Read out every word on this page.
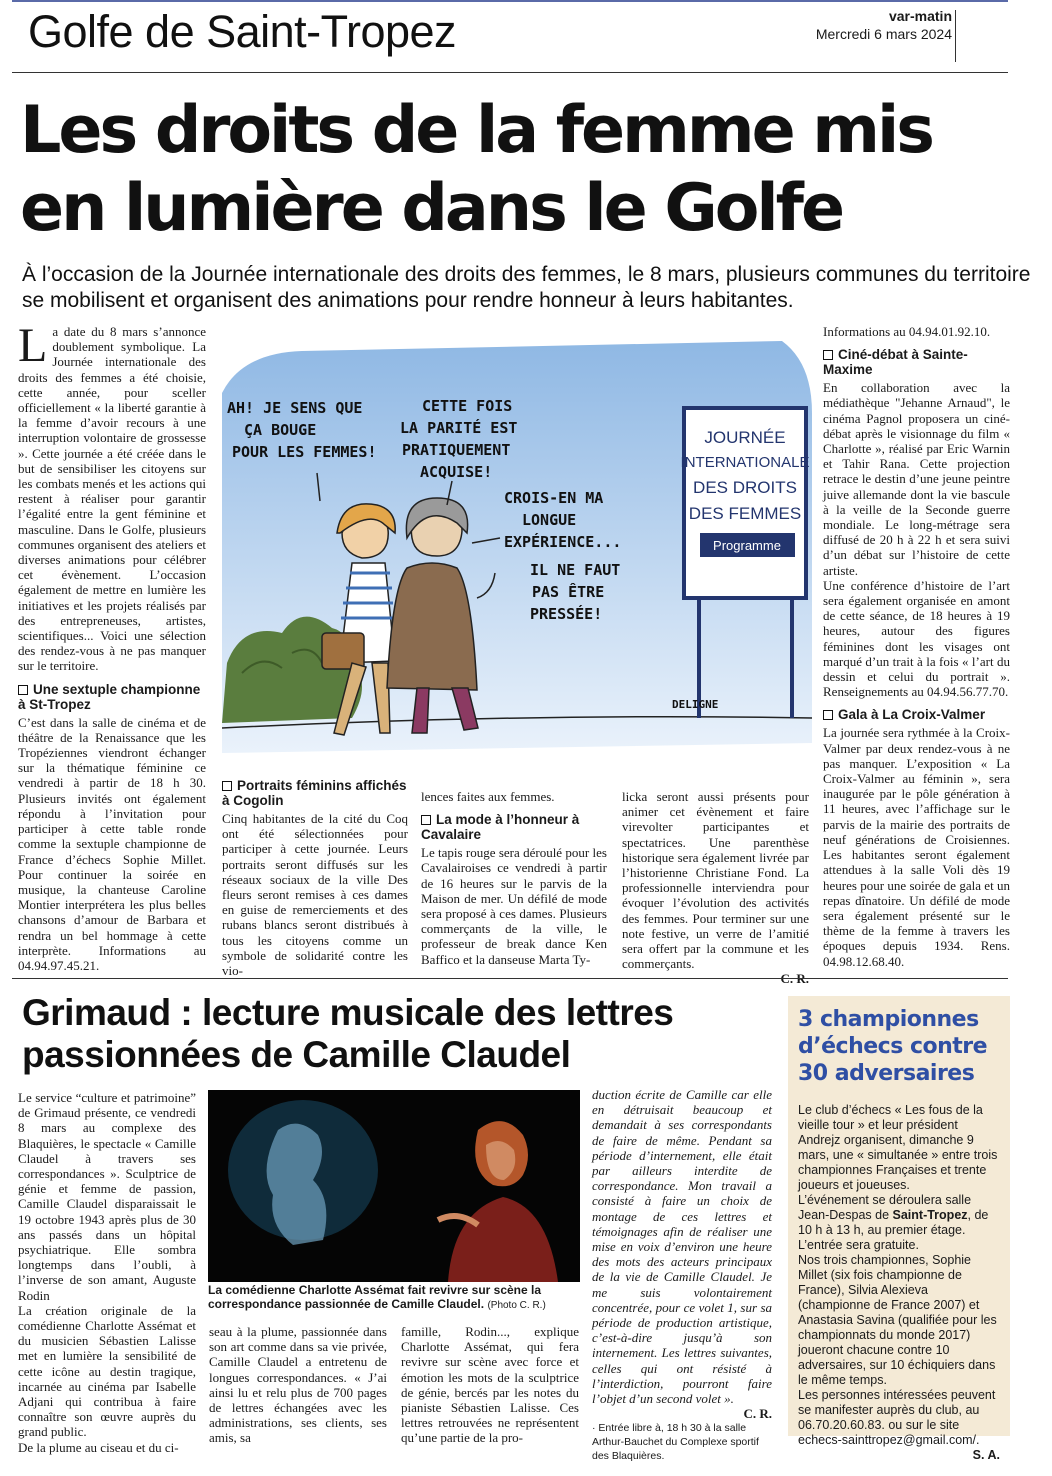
Golfe de Saint-Tropez	var-matin
Mercredi 6 mars 2024
Les droits de la femme mis
en lumière dans le Golfe

À l’occasion de la Journée internationale des droits des femmes, le 8 mars, plusieurs communes du territoire se mobilisent et organisent des animations pour rendre honneur à leurs habitantes.

La date du 8 mars s’annonce doublement symbolique. La Journée internationale des droits des femmes a été choisie, cette année, pour sceller officiellement « la liberté garantie à la femme d’avoir recours à une interruption volontaire de grossesse ». Cette journée a été créée dans le but de sensibiliser les citoyens sur les combats menés et les actions qui restent à réaliser pour garantir l’égalité entre la gent féminine et masculine. Dans le Golfe, plusieurs communes organisent des ateliers et diverses animations pour célébrer cet évènement. L’occasion également de mettre en lumière les initiatives et les projets réalisés par des entrepreneuses, artistes, scientifiques... Voici une sélection des rendez-vous à ne pas manquer sur le territoire.

Une sextuple championne à St-Tropez

C’est dans la salle de cinéma et de théâtre de la Renaissance que les Tropéziennes viendront échanger sur la thématique féminine ce vendredi à partir de 18 h 30. Plusieurs invités ont également répondu à l’invitation pour participer à cette table ronde comme la sextuple championne de France d’échecs Sophie Millet. Pour continuer la soirée en musique, la chanteuse Caroline Montier interprétera les plus belles chansons d’amour de Barbara et rendra un bel hommage à cette interprète. Informations au 04.94.97.45.21.

AH! JE SENS QUE
ÇA BOUGE
POUR LES FEMMES!
CETTE FOIS
LA PARITÉ EST
PRATIQUEMENT
ACQUISE!
CROIS-EN MA
LONGUE
EXPÉRIENCE...
IL NE FAUT
PAS ÊTRE
PRESSÉE!
JOURNÉE
INTERNATIONALE
DES DROITS
DES FEMMES
Programme
DELIGNE
Portraits féminins affichés à Cogolin

Cinq habitantes de la cité du Coq ont été sélectionnées pour participer à cette journée. Leurs portraits seront diffusés sur les réseaux sociaux de la ville Des fleurs seront remises à ces dames en guise de remerciements et des rubans blancs seront distribués à tous les citoyens comme un symbole de solidarité contre les vio-

lences faites aux femmes.

La mode à l’honneur à Cavalaire

Le tapis rouge sera déroulé pour les Cavalairoises ce vendredi à partir de 16 heures sur le parvis de la Maison de mer. Un défilé de mode sera proposé à ces dames. Plusieurs commerçants de la ville, le professeur de break dance Ken Baffico et la danseuse Marta Ty-

licka seront aussi présents pour animer cet évènement et faire virevolter participantes et spectatrices. Une parenthèse historique sera également livrée par l’historienne Christiane Fond. La professionnelle interviendra pour évoquer l’évolution des activités des femmes. Pour terminer sur une note festive, un verre de l’amitié sera offert par la commune et les commerçants.

Informations au 04.94.01.92.10.

Ciné-débat à Sainte-Maxime

En collaboration avec la médiathèque "Jehanne Arnaud", le cinéma Pagnol proposera un ciné-débat après le visionnage du film « Charlotte », réalisé par Eric Warnin et Tahir Rana. Cette projection retrace le destin d’une jeune peintre juive allemande dont la vie bascule à la veille de la Seconde guerre mondiale. Le long-métrage sera diffusé de 20 h à 22 h et sera suivi d’un débat sur l’histoire de cette artiste.

Une conférence d’histoire de l’art sera également organisée en amont de cette séance, de 18 heures à 19 heures, autour des figures féminines dont les visages ont marqué d’un trait à la fois « l’art du dessin et celui du portrait ». Renseignements au 04.94.56.77.70.

Gala à La Croix-Valmer

La journée sera rythmée à la Croix-Valmer par deux rendez-vous à ne pas manquer. L’exposition « La Croix-Valmer au féminin », sera inaugurée par le pôle génération à 11 heures, avec l’affichage sur le parvis de la mairie des portraits de neuf générations de Croisiennes. Les habitantes seront également attendues à la salle Voli dès 19 heures pour une soirée de gala et un repas dînatoire. Un défilé de mode sera également présenté sur le thème de la femme à travers les époques depuis 1934. Rens. 04.98.12.68.40.

Grimaud : lecture musicale des lettres
passionnées de Camille Claudel

Le service “culture et patrimoine” de Grimaud présente, ce vendredi 8 mars au complexe des Blaquières, le spectacle « Camille Claudel à travers ses correspondances ». Sculptrice de génie et femme de passion, Camille Claudel disparaissait le 19 octobre 1943 après plus de 30 ans passés dans un hôpital psychiatrique. Elle sombra longtemps dans l’oubli, à l’inverse de son amant, Auguste Rodin

La création originale de la comédienne Charlotte Assémat et du musicien Sébastien Lalisse met en lumière la sensibilité de cette icône au destin tragique, incarnée au cinéma par Isabelle Adjani qui contribua à faire connaître son œuvre auprès du grand public.

De la plume au ciseau et du ci-

La comédienne Charlotte Assémat fait revivre sur scène la correspondance passionnée de Camille Claudel. (Photo C. R.)

seau à la plume, passionnée dans son art comme dans sa vie privée, Camille Claudel a entretenu de longues correspondances. « J’ai ainsi lu et relu plus de 700 pages de lettres échangées avec les administrations, ses clients, ses amis, sa

famille, Rodin..., explique Charlotte Assémat, qui fera revivre sur scène avec force et émotion les mots de la sculptrice de génie, bercés par les notes du pianiste Sébastien Lalisse. Ces lettres retrouvées ne représentent qu’une partie de la pro-

duction écrite de Camille car elle en détruisait beaucoup et demandait à ses correspondants de faire de même. Pendant sa période d’internement, elle était par ailleurs interdite de correspondance. Mon travail a consisté à faire un choix de montage de ces lettres et témoignages afin de réaliser une mise en voix d’environ une heure des mots des acteurs principaux de la vie de Camille Claudel. Je me suis volontairement concentrée, pour ce volet 1, sur sa période de production artistique, c’est-à-dire jusqu’à son internement. Les lettres suivantes, celles qui ont résisté à l’interdiction, pourront faire l’objet d’un second volet ».

C. R.

· Entrée libre à, 18 h 30 à la salle Arthur-Bauchet du Complexe sportif des Blaquières.

3 championnes d’échecs contre 30 adversaires

Le club d’échecs « Les fous de la vieille tour » et leur président Andrejz organisent, dimanche 9 mars, une « simultanée » entre trois championnes Françaises et trente joueurs et joueuses.

L’événement se déroulera salle Jean-Despas de Saint-Tropez, de 10 h à 13 h, au premier étage. L’entrée sera gratuite.

Nos trois championnes, Sophie Millet (six fois championne de France), Silvia Alexieva (championne de France 2007) et Anastasia Savina (qualifiée pour les championnats du monde 2017) joueront chacune contre 10 adversaires, sur 10 échiquiers dans le même temps.

Les personnes intéressées peuvent se manifester auprès du club, au 06.70.20.60.83. ou sur le site echecs-sainttropez@gmail.com/.
S. A.
